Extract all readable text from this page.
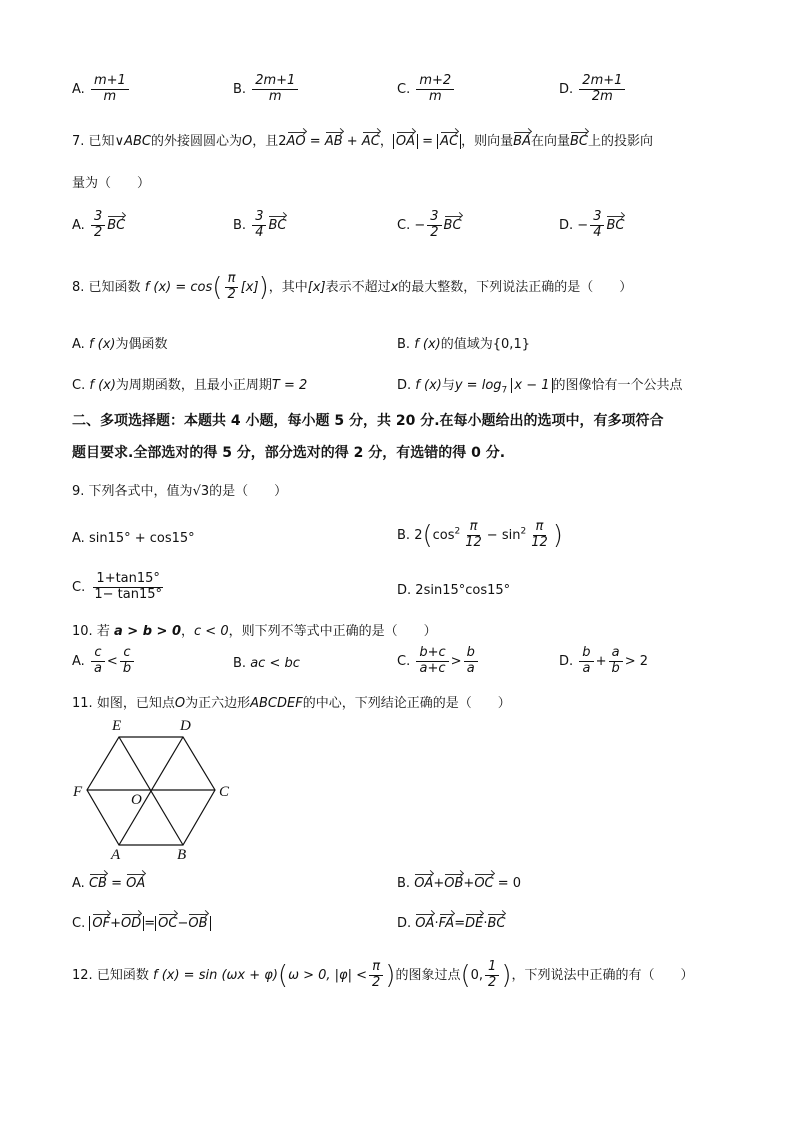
A. $\frac{m+1}{m}$	B. $\frac{2m+1}{m}$	C. $\frac{m+2}{m}$	D. $\frac{2m+1}{2m}$
7. 已知∨ABC的外接圆圆心为O，且2AO = AB + AC， OA = AC ，则向量BA在向量BC上的投影向
量为（　　）
A. $\frac{3}{2}$ BC	B. $\frac{3}{4}$ BC	C. − $\frac{3}{2}$ BC	D. − $\frac{3}{4}$ BC
8. 已知函数 f $(x) = \cos( \frac{\pi}{2} [x])$，其中[x]表示不超过x的最大整数，下列说法正确的是（　　）
A. f (x)为偶函数	B. f (x)的值域为{0,1}
C. f (x)为周期函数，且最小正周期T = 2	D. f (x)与$y = \log_7 x - 1$ 的图像恰有一个公共点
二、多项选择题：本题共 4 小题，每小题 5 分，共 20 分.在每小题给出的选项中，有多项符合
题目要求.全部选对的得 5 分，部分选对的得 2 分，有选错的得 0 分.
9. 下列各式中，值为√3的是（　　）
A. sin15° + cos15°	B. $2(\cos^2 \frac{\pi}{12} - \sin^2 \frac{\pi}{12}$ )
C. $\frac{1+\tan 15^\circ}{1- \tan 15^\circ}$	D. 2sin15°cos15°
10. 若 a > b > 0，c < 0，则下列不等式中正确的是（　　）
A. $\frac{c}{a} < \frac{c}{b}$	B. ac < bc	C. $\frac{b+c}{a+c} > \frac{b}{a}$	D. $\frac{b}{a} + \frac{a}{b} > 2$
11. 如图，已知点O为正六边形ABCDEF的中心，下列结论正确的是（　　）
E	D
F	C
O
A	B
A. CB = OA	B. OA+OB+OC = 0
C. OF+OD = OC−OB	D. OA·FA=DE·BC
12. 已知函数 f (x) = sin (ωx + φ)(ω > 0, $|\varphi| < \frac{\pi}{2}$ )的图象过点(0, $\frac{1}{2}$ )，下列说法中正确的有（　　）
